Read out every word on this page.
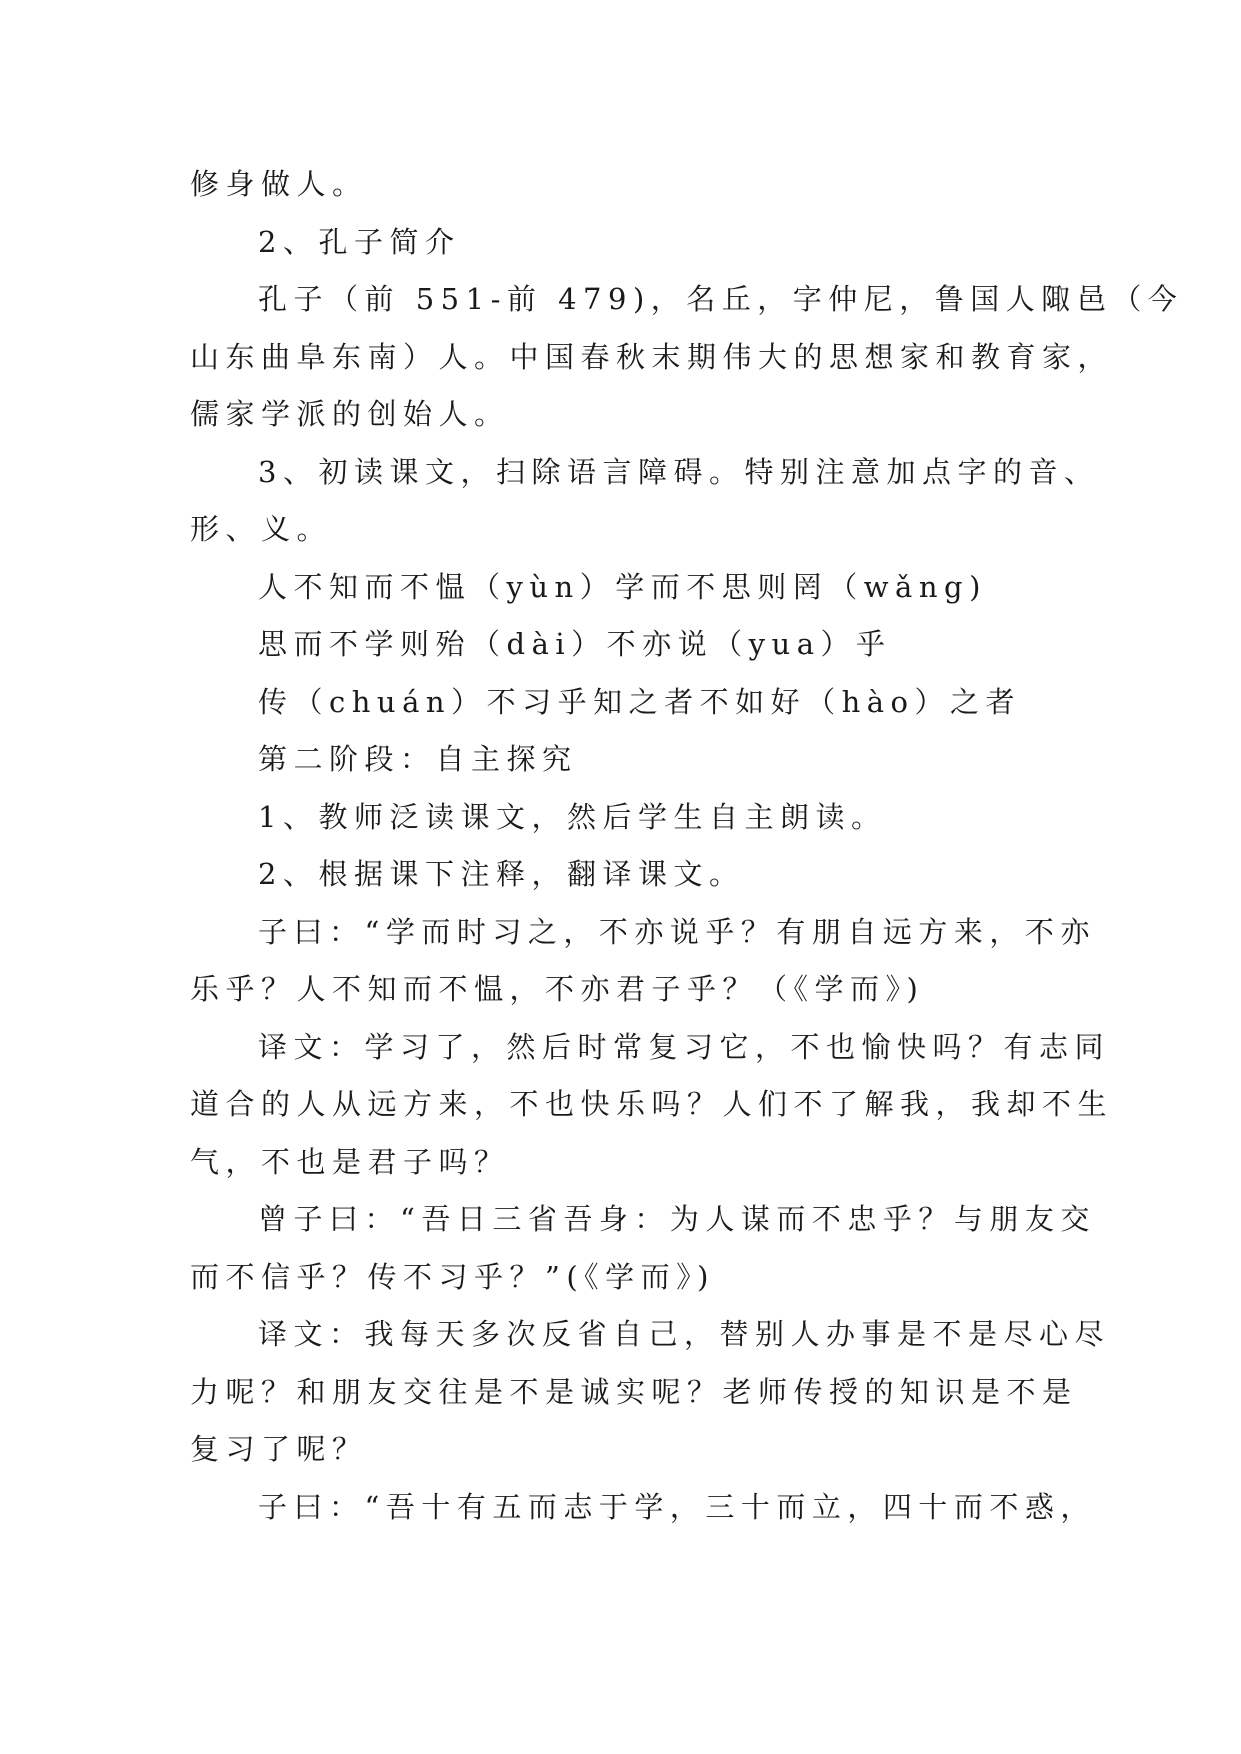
修身做人。
2、孔子简介
孔子（前 551-前 479)，名丘，字仲尼，鲁国人陬邑（今
山东曲阜东南）人。中国春秋末期伟大的思想家和教育家，
儒家学派的创始人。
3、初读课文，扫除语言障碍。特别注意加点字的音、
形、义。
人不知而不愠（yùn）学而不思则罔（wǎng)
思而不学则殆（dài）不亦说（yua）乎
传（chuán）不习乎知之者不如好（hào）之者
第二阶段：自主探究
1、教师泛读课文，然后学生自主朗读。
2、根据课下注释，翻译课文。
子曰：“学而时习之，不亦说乎？有朋自远方来，不亦
乐乎？人不知而不愠，不亦君子乎？（《学而》)
译文：学习了，然后时常复习它，不也愉快吗？有志同
道合的人从远方来，不也快乐吗？人们不了解我，我却不生
气，不也是君子吗？
曾子曰：“吾日三省吾身：为人谋而不忠乎？与朋友交
而不信乎？传不习乎？”(《学而》)
译文：我每天多次反省自己，替别人办事是不是尽心尽
力呢？和朋友交往是不是诚实呢？老师传授的知识是不是
复习了呢？
子曰：“吾十有五而志于学，三十而立，四十而不惑，
